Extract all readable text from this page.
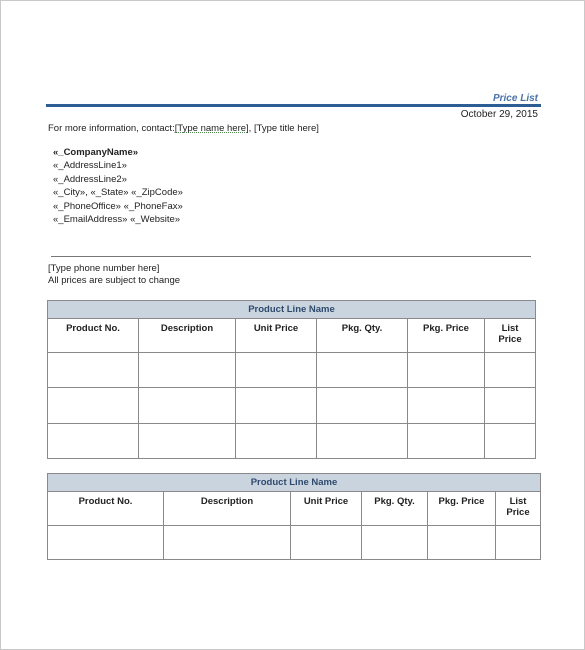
Price List
October 29, 2015
For more information, contact:[Type name here], [Type title here]
«_CompanyName»
«_AddressLine1»
«_AddressLine2»
«_City», «_State» «_ZipCode»
«_PhoneOffice» «_PhoneFax»
«_EmailAddress» «_Website»
[Type phone number here]
All prices are subject to change
Product Line Name					
Product No.	Description	Unit Price	Pkg. Qty.	Pkg. Price	List Price

Product Line Name					
Product No.	Description	Unit Price	Pkg. Qty.	Pkg. Price	List Price
